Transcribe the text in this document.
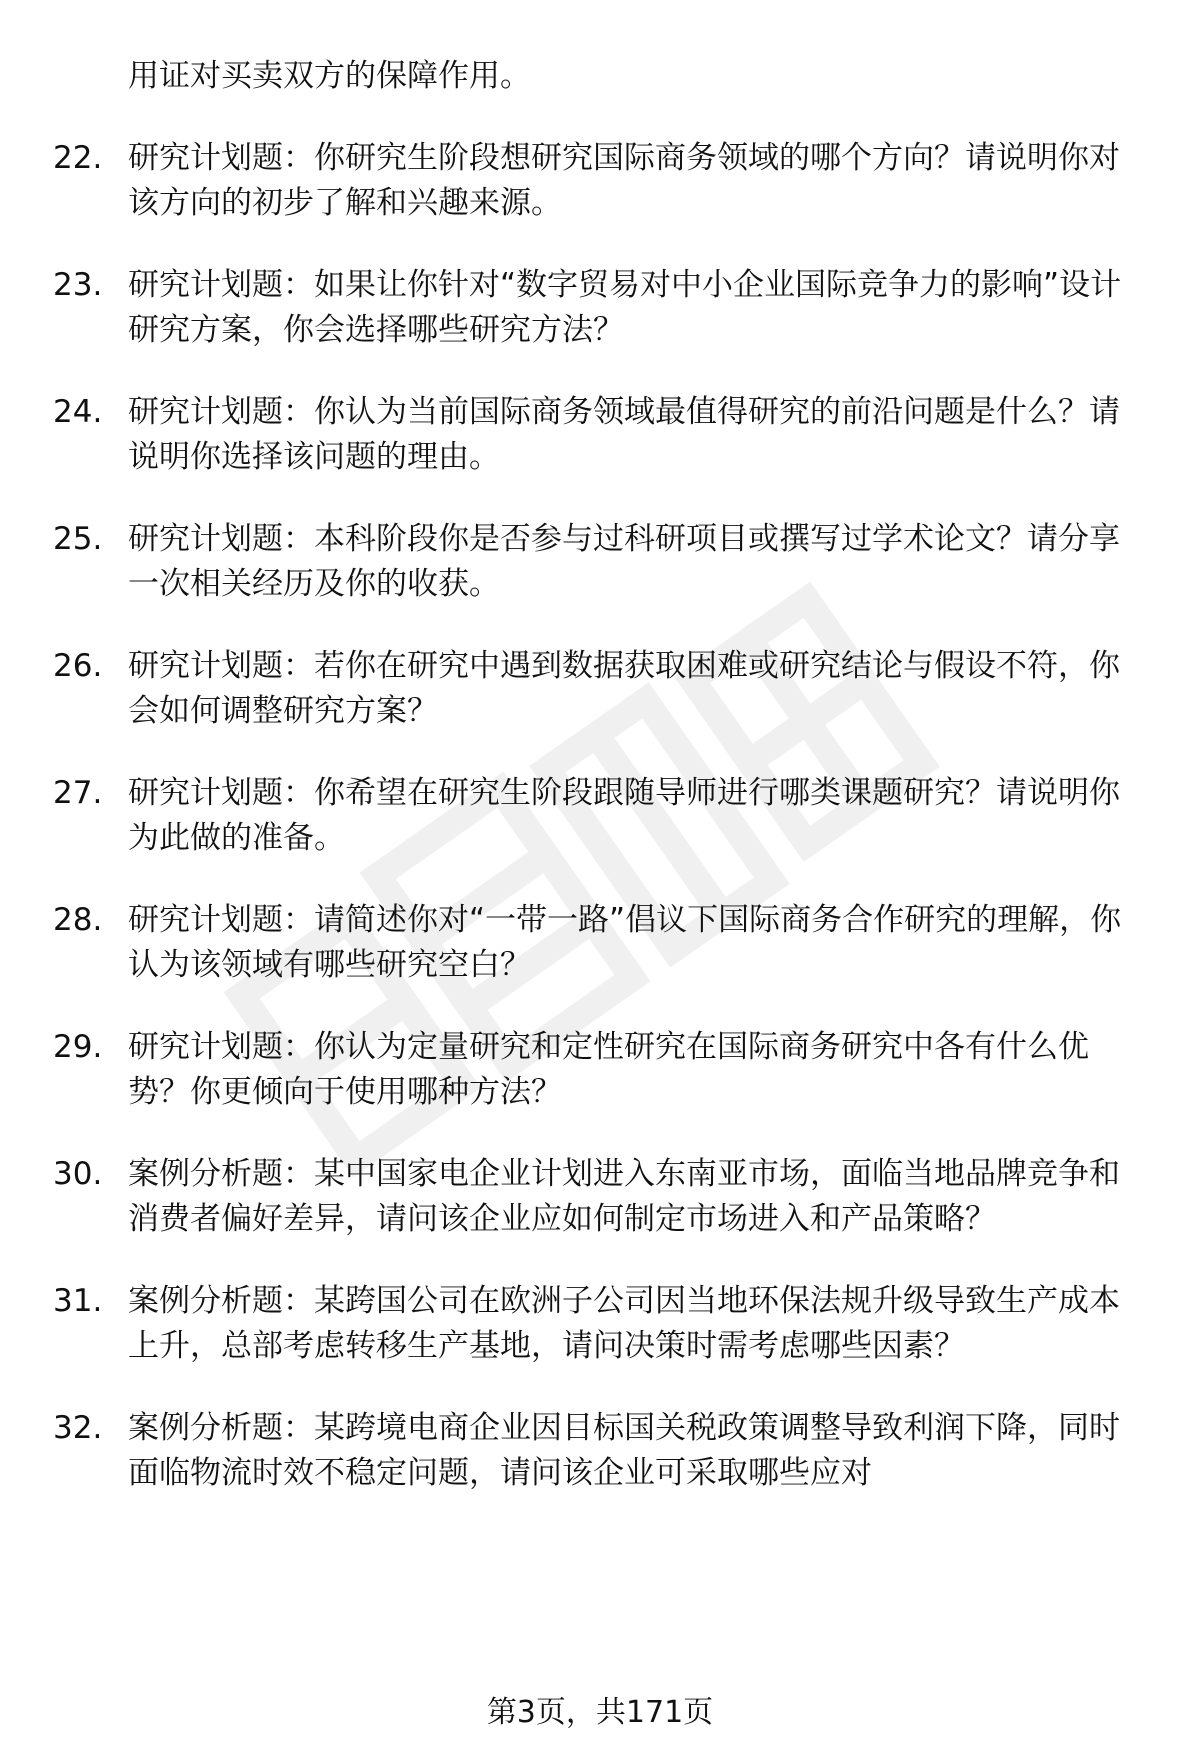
用证对买卖双方的保障作用。
22. 研究计划题：你研究生阶段想研究国际商务领域的哪个方向？请说明你对该方向的初步了解和兴趣来源。
23. 研究计划题：如果让你针对“数字贸易对中小企业国际竞争力的影响”设计研究方案，你会选择哪些研究方法？
24. 研究计划题：你认为当前国际商务领域最值得研究的前沿问题是什么？请说明你选择该问题的理由。
25. 研究计划题：本科阶段你是否参与过科研项目或撰写过学术论文？请分享一次相关经历及你的收获。
26. 研究计划题：若你在研究中遇到数据获取困难或研究结论与假设不符，你会如何调整研究方案？
27. 研究计划题：你希望在研究生阶段跟随导师进行哪类课题研究？请说明你为此做的准备。
28. 研究计划题：请简述你对“一带一路”倡议下国际商务合作研究的理解，你认为该领域有哪些研究空白？
29. 研究计划题：你认为定量研究和定性研究在国际商务研究中各有什么优势？你更倾向于使用哪种方法？
30. 案例分析题：某中国家电企业计划进入东南亚市场，面临当地品牌竞争和消费者偏好差异，请问该企业应如何制定市场进入和产品策略？
31. 案例分析题：某跨国公司在欧洲子公司因当地环保法规升级导致生产成本上升，总部考虑转移生产基地，请问决策时需考虑哪些因素？
32. 案例分析题：某跨境电商企业因目标国关税政策调整导致利润下降，同时面临物流时效不稳定问题，请问该企业可采取哪些应对
第3页，共171页
